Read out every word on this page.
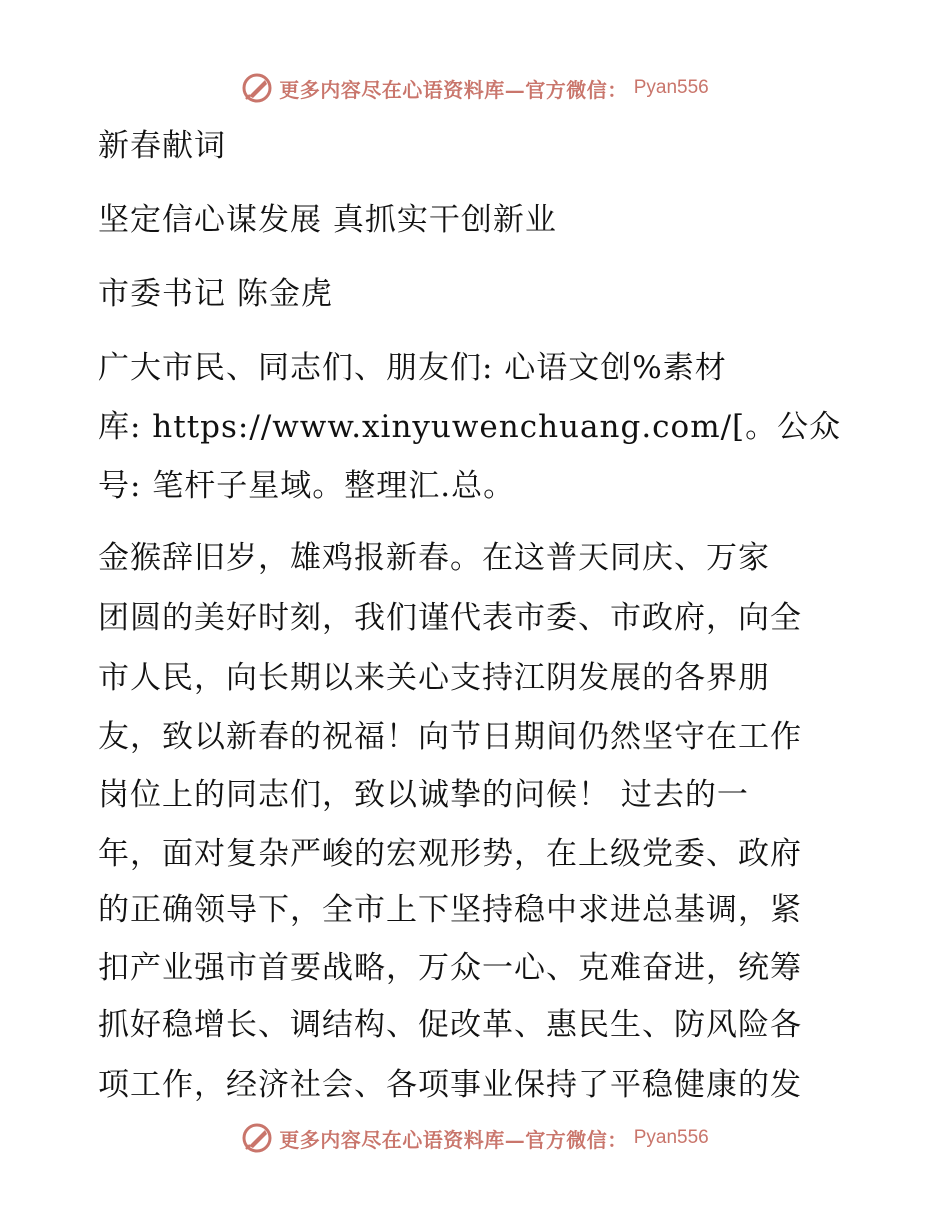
更多内容尽在心语资料库—官方微信： Pyan556

新春献词

坚定信心谋发展 真抓实干创新业

市委书记 陈金虎

广大市民、同志们、朋友们: 心语文创%素材

库: https://www.xinyuwenchuang.com/[。公众

号: 笔杆子星域。整理汇.总。

金猴辞旧岁，雄鸡报新春。在这普天同庆、万家

团圆的美好时刻，我们谨代表市委、市政府，向全

市人民，向长期以来关心支持江阴发展的各界朋

友，致以新春的祝福！向节日期间仍然坚守在工作

岗位上的同志们，致以诚挚的问候！ 过去的一

年，面对复杂严峻的宏观形势，在上级党委、政府

的正确领导下，全市上下坚持稳中求进总基调，紧

扣产业强市首要战略，万众一心、克难奋进，统筹

抓好稳增长、调结构、促改革、惠民生、防风险各

项工作，经济社会、各项事业保持了平稳健康的发

更多内容尽在心语资料库—官方微信： Pyan556
